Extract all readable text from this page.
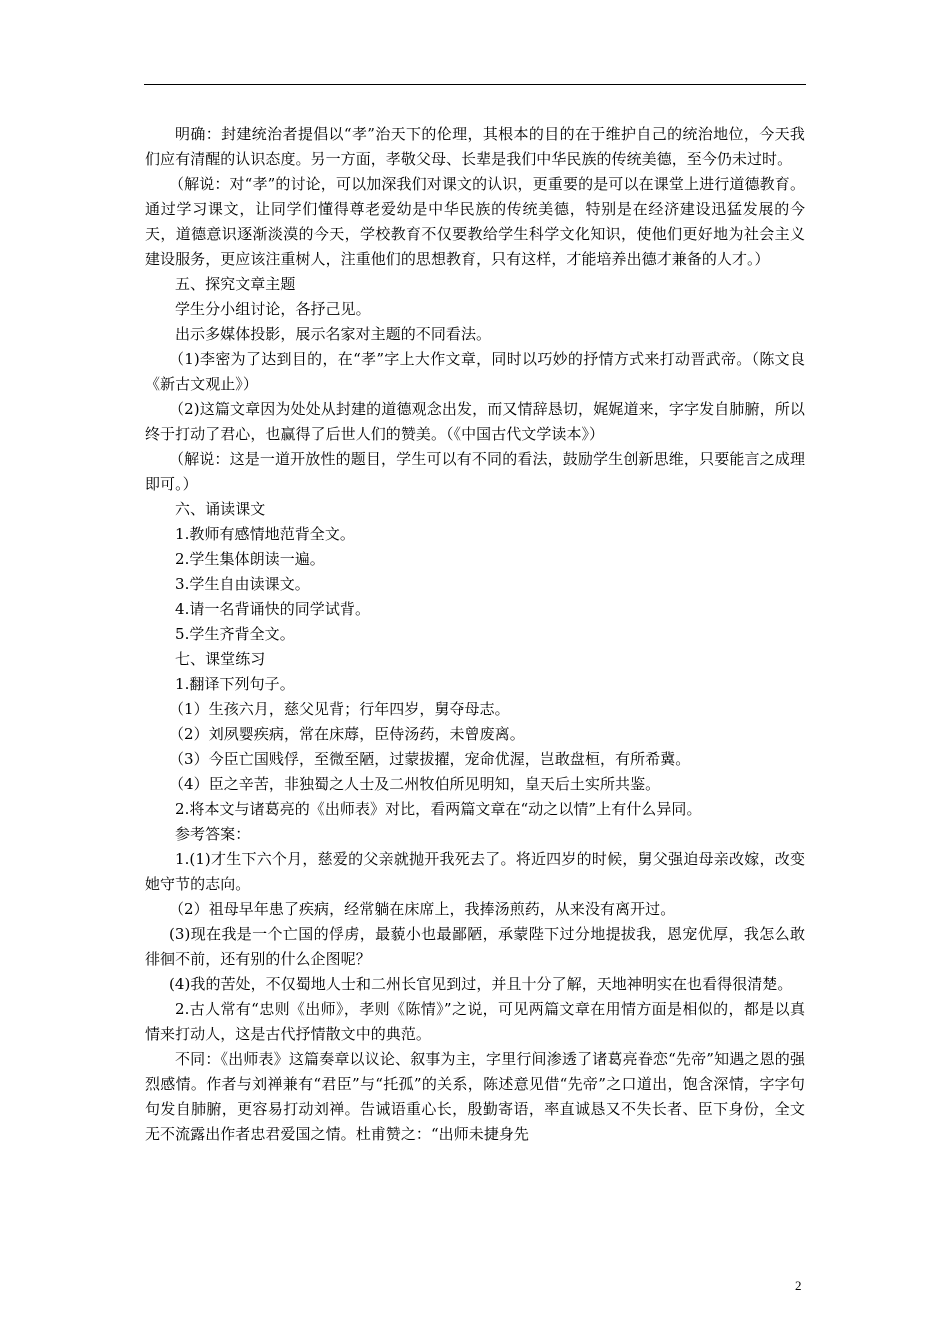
明确：封建统治者提倡以“孝”治天下的伦理，其根本的目的在于维护自己的统治地位，今天我们应有清醒的认识态度。另一方面，孝敬父母、长辈是我们中华民族的传统美德，至今仍未过时。

（解说：对“孝”的讨论，可以加深我们对课文的认识，更重要的是可以在课堂上进行道德教育。通过学习课文，让同学们懂得尊老爱幼是中华民族的传统美德，特别是在经济建设迅猛发展的今天，道德意识逐渐淡漠的今天，学校教育不仅要教给学生科学文化知识，使他们更好地为社会主义建设服务，更应该注重树人，注重他们的思想教育，只有这样，才能培养出德才兼备的人才。）

五、探究文章主题

学生分小组讨论，各抒己见。

出示多媒体投影，展示名家对主题的不同看法。

（1)李密为了达到目的，在“孝”字上大作文章，同时以巧妙的抒情方式来打动晋武帝。（陈文良《新古文观止》）

（2)这篇文章因为处处从封建的道德观念出发，而又情辞恳切，娓娓道来，字字发自肺腑，所以终于打动了君心，也赢得了后世人们的赞美。（《中国古代文学读本》）

（解说：这是一道开放性的题目，学生可以有不同的看法，鼓励学生创新思维，只要能言之成理即可。）

六、诵读课文

1.教师有感情地范背全文。

2.学生集体朗读一遍。

3.学生自由读课文。

4.请一名背诵快的同学试背。

5.学生齐背全文。

七、课堂练习

1.翻译下列句子。

（1）生孩六月，慈父见背；行年四岁，舅夺母志。

（2）刘夙婴疾病，常在床蓐，臣侍汤药，未曾废离。

（3）今臣亡国贱俘，至微至陋，过蒙拔擢，宠命优渥，岂敢盘桓，有所希冀。

（4）臣之辛苦，非独蜀之人士及二州牧伯所见明知，皇天后土实所共鉴。

2.将本文与诸葛亮的《出师表》对比，看两篇文章在“动之以情”上有什么异同。

参考答案：

1.(1)才生下六个月，慈爱的父亲就抛开我死去了。将近四岁的时候，舅父强迫母亲改嫁，改变她守节的志向。

（2）祖母早年患了疾病，经常躺在床席上，我捧汤煎药，从来没有离开过。

(3)现在我是一个亡国的俘虏，最藐小也最鄙陋，承蒙陛下过分地提拔我，恩宠优厚，我怎么敢徘徊不前，还有别的什么企图呢？

(4)我的苦处，不仅蜀地人士和二州长官见到过，并且十分了解，天地神明实在也看得很清楚。

2.古人常有“忠则《出师》，孝则《陈情》”之说，可见两篇文章在用情方面是相似的，都是以真情来打动人，这是古代抒情散文中的典范。

不同：《出师表》这篇奏章以议论、叙事为主，字里行间渗透了诸葛亮眷恋“先帝”知遇之恩的强烈感情。作者与刘禅兼有“君臣”与“托孤”的关系，陈述意见借“先帝”之口道出，饱含深情，字字句句发自肺腑，更容易打动刘禅。告诫语重心长，殷勤寄语，率直诚恳又不失长者、臣下身份，全文无不流露出作者忠君爱国之情。杜甫赞之：“出师未捷身先

2
